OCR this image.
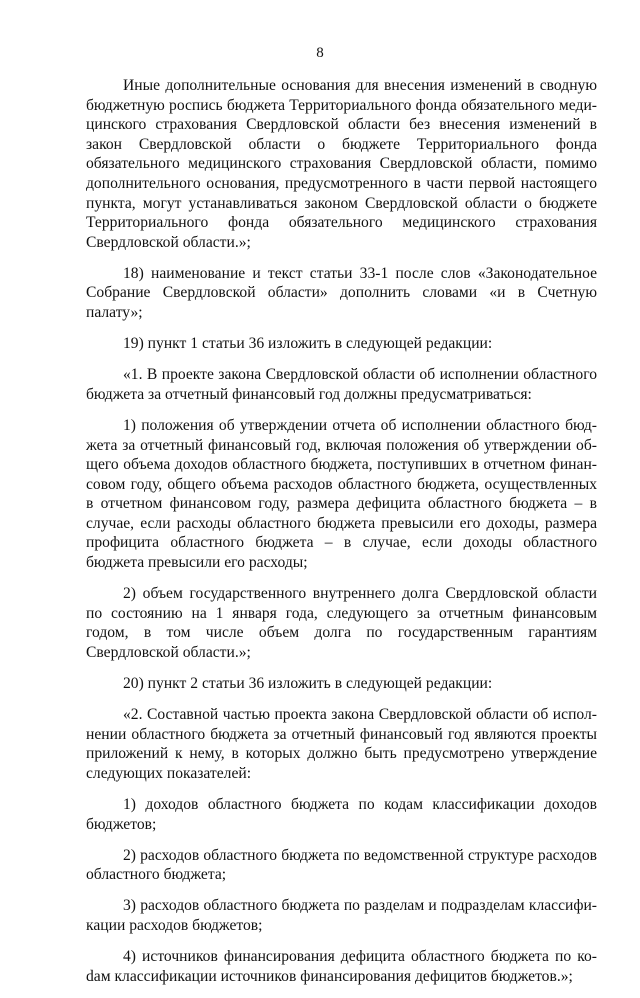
8

Иные дополнительные основания для внесения изменений в сводную бюджетную роспись бюджета Территориального фонда обязательного медицинского страхования Свердловской области без внесения изменений в закон Свердловской области о бюджете Территориального фонда обязательного медицинского страхования Свердловской области, помимо дополнительного основания, предусмотренного в части первой настоящего пункта, могут устанавливаться законом Свердловской области о бюджете Территориального фонда обязательного медицинского страхования Свердловской области.»;

18) наименование и текст статьи 33-1 после слов «Законодательное Собрание Свердловской области» дополнить словами «и в Счетную палату»;

19) пункт 1 статьи 36 изложить в следующей редакции:

«1. В проекте закона Свердловской области об исполнении областного бюджета за отчетный финансовый год должны предусматриваться:

1) положения об утверждении отчета об исполнении областного бюджета за отчетный финансовый год, включая положения об утверждении общего объема доходов областного бюджета, поступивших в отчетном финансовом году, общего объема расходов областного бюджета, осуществленных в отчетном финансовом году, размера дефицита областного бюджета – в случае, если расходы областного бюджета превысили его доходы, размера профицита областного бюджета – в случае, если доходы областного бюджета превысили его расходы;

2) объем государственного внутреннего долга Свердловской области по состоянию на 1 января года, следующего за отчетным финансовым годом, в том числе объем долга по государственным гарантиям Свердловской области.»;

20) пункт 2 статьи 36 изложить в следующей редакции:

«2. Составной частью проекта закона Свердловской области об исполнении областного бюджета за отчетный финансовый год являются проекты приложений к нему, в которых должно быть предусмотрено утверждение следующих показателей:

1) доходов областного бюджета по кодам классификации доходов бюджетов;

2) расходов областного бюджета по ведомственной структуре расходов областного бюджета;

3) расходов областного бюджета по разделам и подразделам классификации расходов бюджетов;

4) источников финансирования дефицита областного бюджета по коdам классификации источников финансирования дефицитов бюджетов.»;
